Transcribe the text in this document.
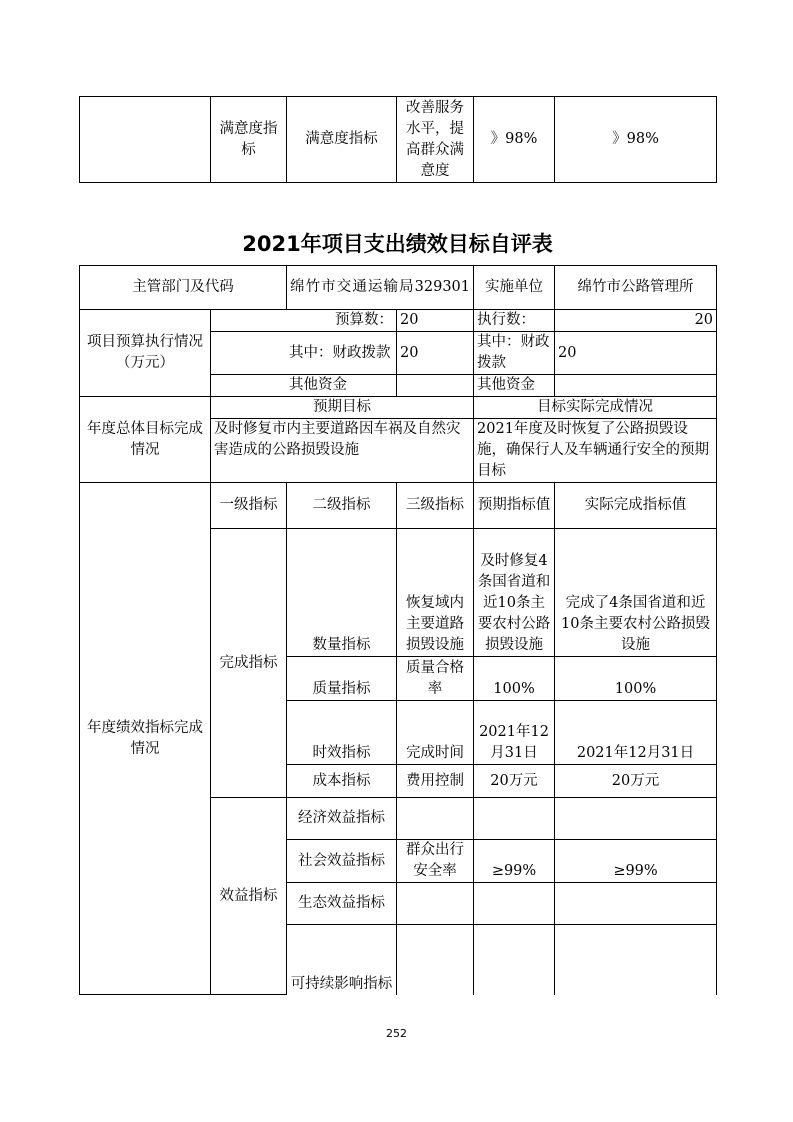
	满意度指标	满意度指标	改善服务水平，提高群众满意度	》98%	》98%
2021年项目支出绩效目标自评表
主管部门及代码		绵竹市交通运输局329301		实施单位	绵竹市公路管理所
项目预算执行情况（万元）	预算数：		20	执行数：	20
	其中：财政拨款		20	其中：财政拨款	20
	其他资金			其他资金	
年度总体目标完成情况	预期目标			目标实际完成情况	
	及时修复市内主要道路因车祸及自然灾害造成的公路损毁设施			2021年度及时恢复了公路损毁设施，确保行人及车辆通行安全的预期目标	
年度绩效指标完成情况	一级指标	二级指标	三级指标	预期指标值	实际完成指标值
	完成指标	数量指标	恢复域内主要道路损毁设施	及时修复4条国省道和近10条主要农村公路损毁设施	完成了4条国省道和近10条主要农村公路损毁设施
		质量指标	质量合格率	100%	100%
		时效指标	完成时间	2021年12月31日	2021年12月31日
		成本指标	费用控制	20万元	20万元
	效益指标	经济效益指标			
		社会效益指标	群众出行安全率	≥99%	≥99%
		生态效益指标			
		可持续影响指标			
252
